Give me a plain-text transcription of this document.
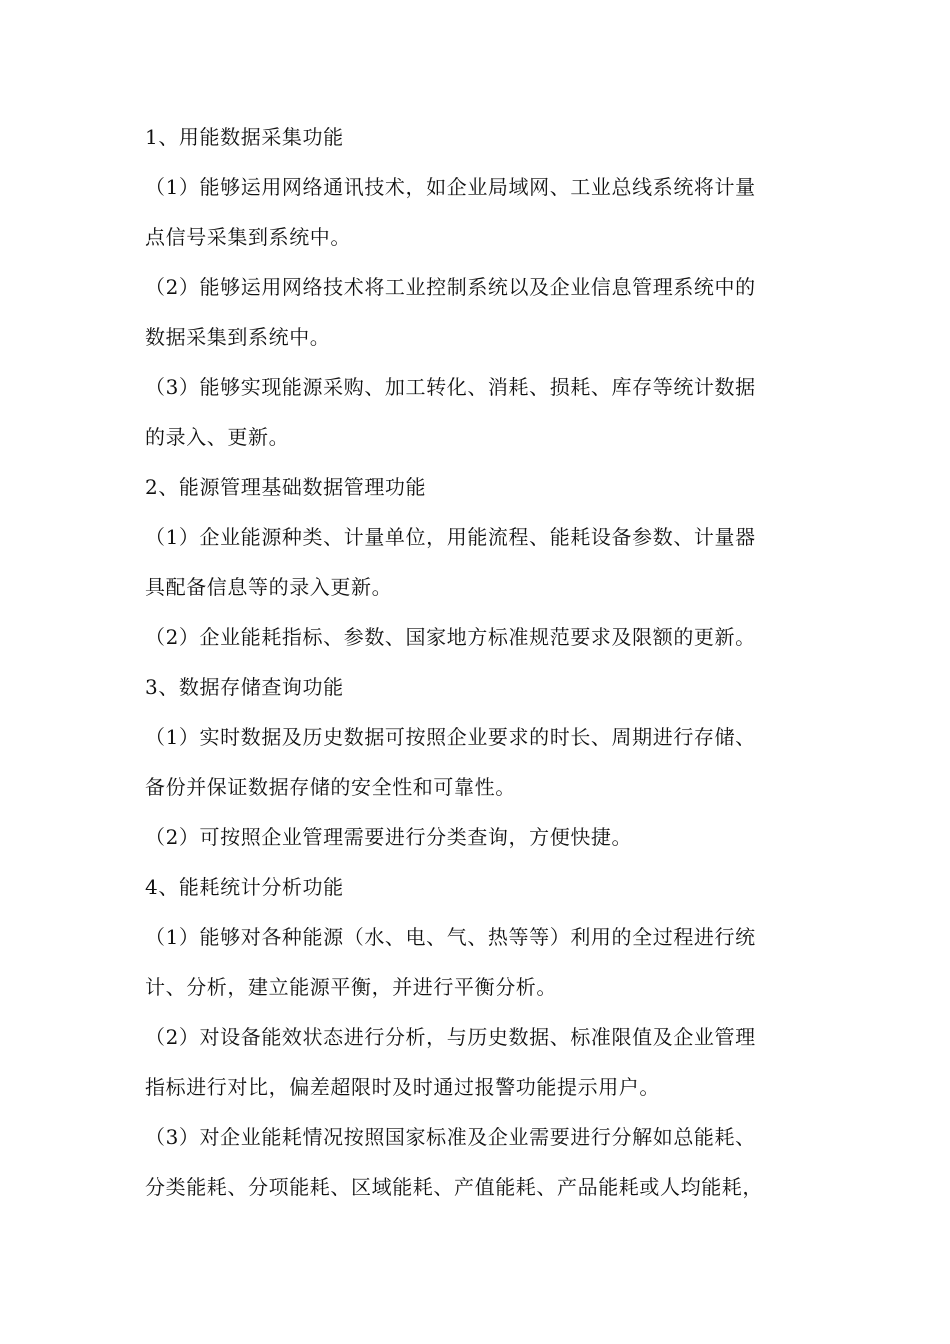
1、用能数据采集功能
（1）能够运用网络通讯技术，如企业局域网、工业总线系统将计量
点信号采集到系统中。
（2）能够运用网络技术将工业控制系统以及企业信息管理系统中的
数据采集到系统中。
（3）能够实现能源采购、加工转化、消耗、损耗、库存等统计数据
的录入、更新。
2、能源管理基础数据管理功能
（1）企业能源种类、计量单位，用能流程、能耗设备参数、计量器
具配备信息等的录入更新。
（2）企业能耗指标、参数、国家地方标准规范要求及限额的更新。
3、数据存储查询功能
（1）实时数据及历史数据可按照企业要求的时长、周期进行存储、
备份并保证数据存储的安全性和可靠性。
（2）可按照企业管理需要进行分类查询，方便快捷。
4、能耗统计分析功能
（1）能够对各种能源（水、电、气、热等等）利用的全过程进行统
计、分析，建立能源平衡，并进行平衡分析。
（2）对设备能效状态进行分析，与历史数据、标准限值及企业管理
指标进行对比，偏差超限时及时通过报警功能提示用户。
（3）对企业能耗情况按照国家标准及企业需要进行分解如总能耗、
分类能耗、分项能耗、区域能耗、产值能耗、产品能耗或人均能耗，
